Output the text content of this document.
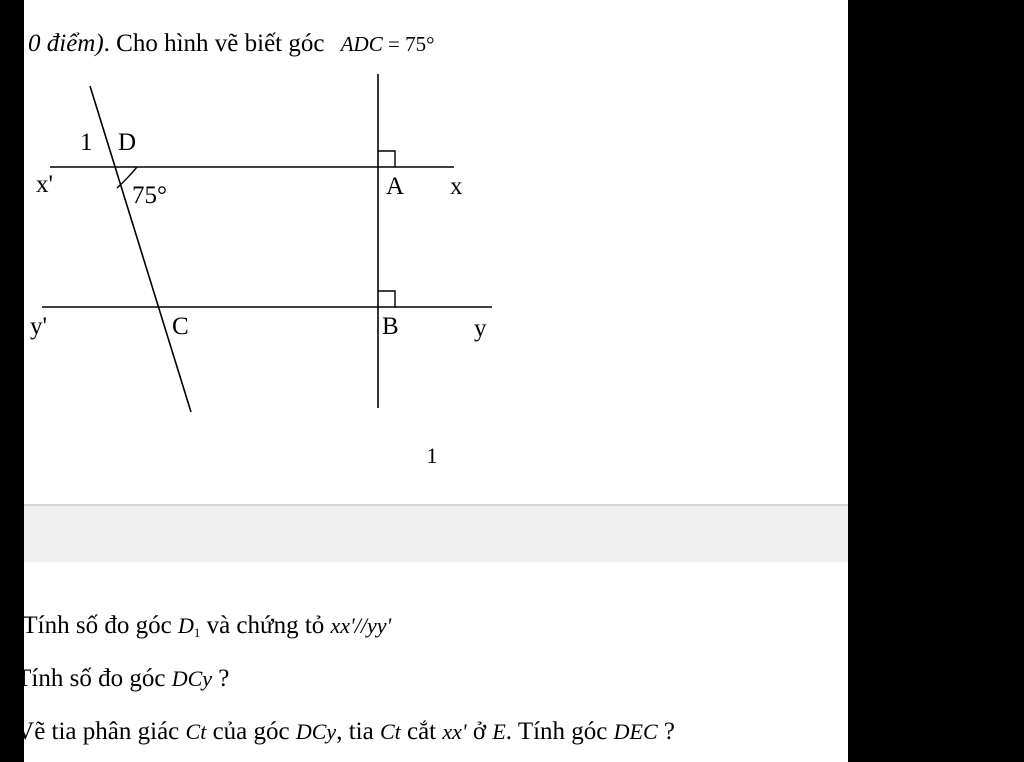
0 điểm). Cho hình vẽ biết góc ADC = 75°
1 D
x'	75°	A x
y'	C	B	y
1
) Tính số đo góc $D_1$ và chứng tỏ xx'//yy'
) Tính số đo góc DCy ?
) Vẽ tia phân giác Ct của góc DCy, tia Ct cắt xx' ở E. Tính góc DEC ?
